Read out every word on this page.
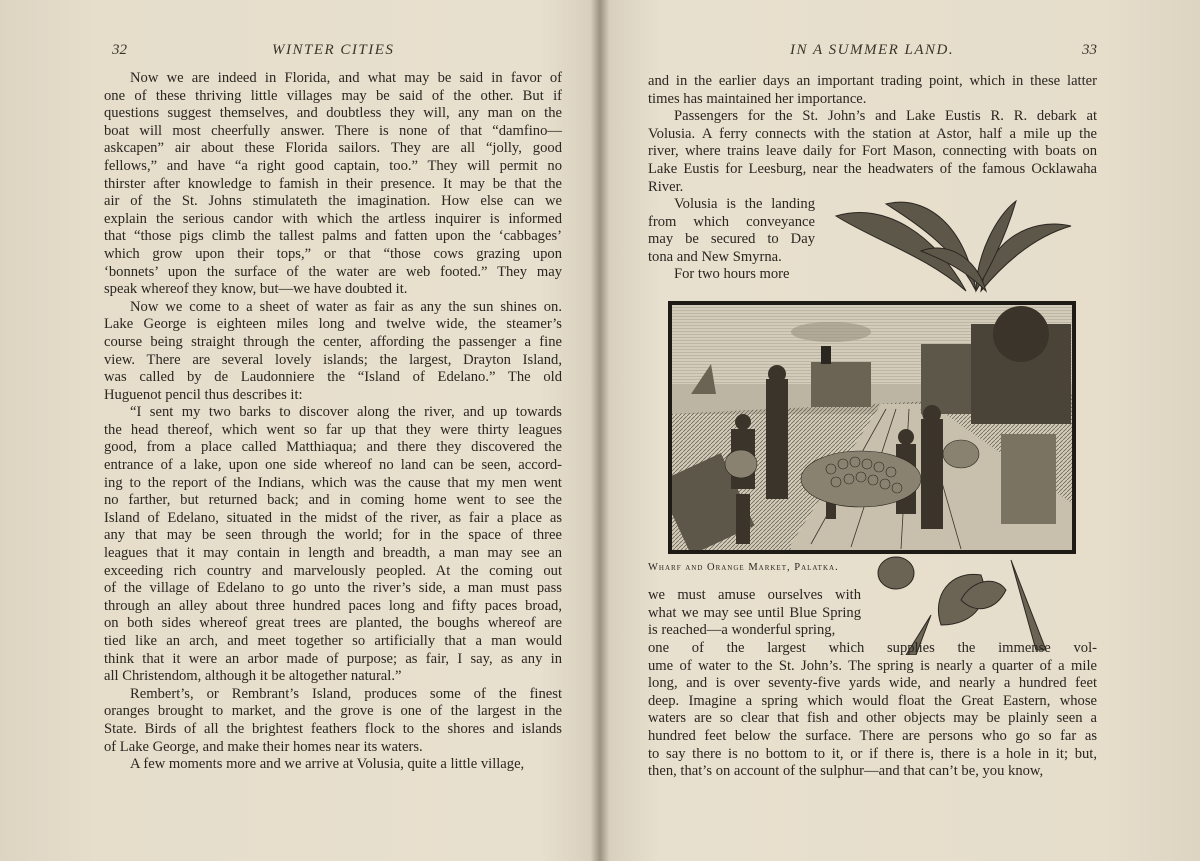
32	WINTER CITIES
Now we are indeed in Florida, and what may be said in favor of
one of these thriving little villages may be said of the other. But if
questions suggest themselves, and doubtless they will, any man on the
boat will most cheerfully answer. There is none of that “damfino—
askcapen” air about these Florida sailors. They are all “jolly, good
fellows,” and have “a right good captain, too.” They will permit no
thirster after knowledge to famish in their presence. It may be that the
air of the St. Johns stimulateth the imagination. How else can we
explain the serious candor with which the artless inquirer is informed
that “those pigs climb the tallest palms and fatten upon the ‘cabbages’
which grow upon their tops,” or that “those cows grazing upon
‘bonnets’ upon the surface of the water are web footed.” They may
speak whereof they know, but—we have doubted it.
Now we come to a sheet of water as fair as any the sun shines on.
Lake George is eighteen miles long and twelve wide, the steamer’s
course being straight through the center, affording the passenger a fine
view. There are several lovely islands; the largest, Drayton Island,
was called by de Laudonniere the “Island of Edelano.” The old
Huguenot pencil thus describes it:
“I sent my two barks to discover along the river, and up towards
the head thereof, which went so far up that they were thirty leagues
good, from a place called Matthiaqua; and there they discovered the
entrance of a lake, upon one side whereof no land can be seen, accord-
ing to the report of the Indians, which was the cause that my men went
no farther, but returned back; and in coming home went to see the
Island of Edelano, situated in the midst of the river, as fair a place as
any that may be seen through the world; for in the space of three
leagues that it may contain in length and breadth, a man may see an
exceeding rich country and marvelously peopled. At the coming out
of the village of Edelano to go unto the river’s side, a man must pass
through an alley about three hundred paces long and fifty paces broad,
on both sides whereof great trees are planted, the boughs whereof are
tied like an arch, and meet together so artificially that a man would
think that it were an arbor made of purpose; as fair, I say, as any in
all Christendom, although it be altogether natural.”
Rembert’s, or Rembrant’s Island, produces some of the finest
oranges brought to market, and the grove is one of the largest in the
State. Birds of all the brightest feathers flock to the shores and islands
of Lake George, and make their homes near its waters.
A few moments more and we arrive at Volusia, quite a little village,
IN A SUMMER LAND.	33
and in the earlier days an important trading point, which in these latter
times has maintained her importance.
Passengers for the St. John’s and Lake Eustis R. R. debark at
Volusia. A ferry connects with the station at Astor, half a mile up the
river, where trains leave daily for Fort Mason, connecting with boats on
Lake Eustis for Leesburg, near the headwaters of the famous Ocklawaha
River.
Volusia is the landing
from which conveyance
may be secured to Day
tona and New Smyrna.
For two hours more
Wharf and Orange Market, Palatka.
we must amuse ourselves with
what we may see until Blue Spring
is reached—a wonderful spring,
one of the largest which supplies the immense vol-
ume of water to the St. John’s. The spring is nearly a quarter of a mile
long, and is over seventy-five yards wide, and nearly a hundred feet
deep. Imagine a spring which would float the Great Eastern, whose
waters are so clear that fish and other objects may be plainly seen a
hundred feet below the surface. There are persons who go so far as
to say there is no bottom to it, or if there is, there is a hole in it; but,
then, that’s on account of the sulphur—and that can’t be, you know,
